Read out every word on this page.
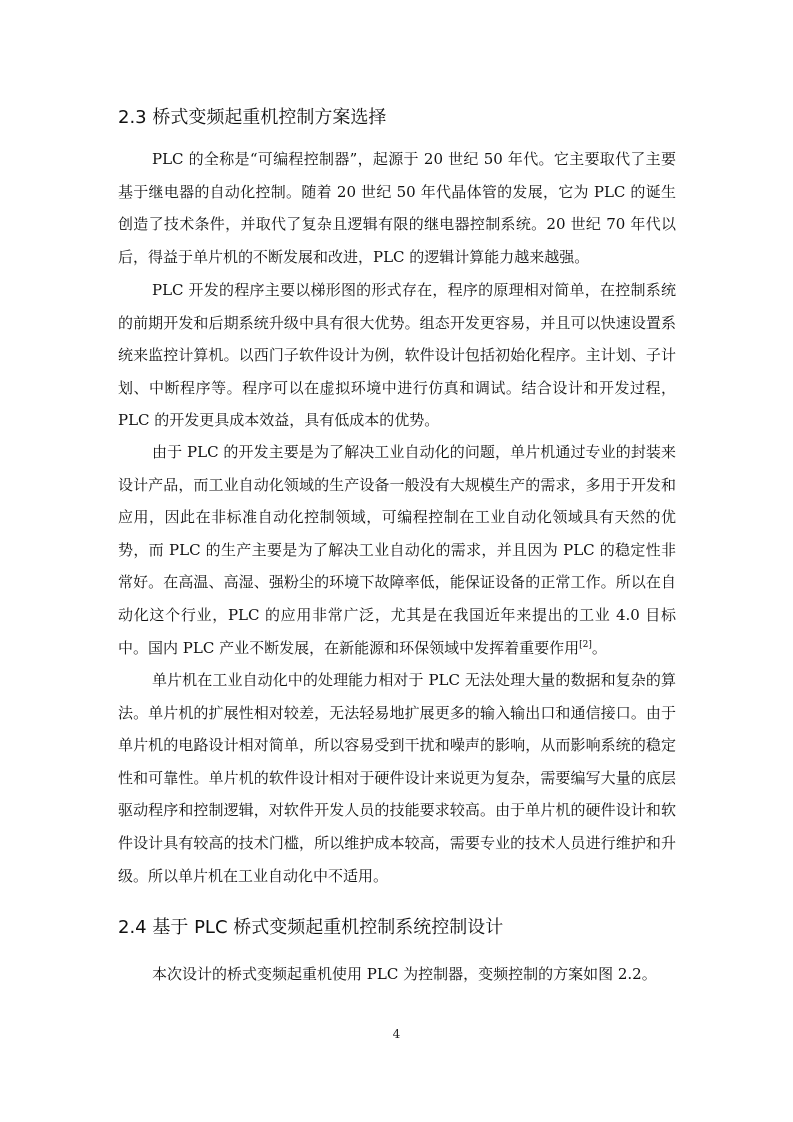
2.3 桥式变频起重机控制方案选择

PLC 的全称是“可编程控制器”，起源于 20 世纪 50 年代。它主要取代了主要基于继电器的自动化控制。随着 20 世纪 50 年代晶体管的发展，它为 PLC 的诞生创造了技术条件，并取代了复杂且逻辑有限的继电器控制系统。20 世纪 70 年代以后，得益于单片机的不断发展和改进，PLC 的逻辑计算能力越来越强。

PLC 开发的程序主要以梯形图的形式存在，程序的原理相对简单，在控制系统的前期开发和后期系统升级中具有很大优势。组态开发更容易，并且可以快速设置系统来监控计算机。以西门子软件设计为例，软件设计包括初始化程序。主计划、子计划、中断程序等。程序可以在虚拟环境中进行仿真和调试。结合设计和开发过程，PLC 的开发更具成本效益，具有低成本的优势。

由于 PLC 的开发主要是为了解决工业自动化的问题，单片机通过专业的封装来设计产品，而工业自动化领域的生产设备一般没有大规模生产的需求，多用于开发和应用，因此在非标准自动化控制领域，可编程控制在工业自动化领域具有天然的优势，而 PLC 的生产主要是为了解决工业自动化的需求，并且因为 PLC 的稳定性非常好。在高温、高湿、强粉尘的环境下故障率低，能保证设备的正常工作。所以在自动化这个行业，PLC 的应用非常广泛，尤其是在我国近年来提出的工业 4.0 目标中。国内 PLC 产业不断发展，在新能源和环保领域中发挥着重要作用[2]。

单片机在工业自动化中的处理能力相对于 PLC 无法处理大量的数据和复杂的算法。单片机的扩展性相对较差，无法轻易地扩展更多的输入输出口和通信接口。由于单片机的电路设计相对简单，所以容易受到干扰和噪声的影响，从而影响系统的稳定性和可靠性。单片机的软件设计相对于硬件设计来说更为复杂，需要编写大量的底层驱动程序和控制逻辑，对软件开发人员的技能要求较高。由于单片机的硬件设计和软件设计具有较高的技术门槛，所以维护成本较高，需要专业的技术人员进行维护和升级。所以单片机在工业自动化中不适用。

2.4 基于 PLC 桥式变频起重机控制系统控制设计

本次设计的桥式变频起重机使用 PLC 为控制器，变频控制的方案如图 2.2。

4
